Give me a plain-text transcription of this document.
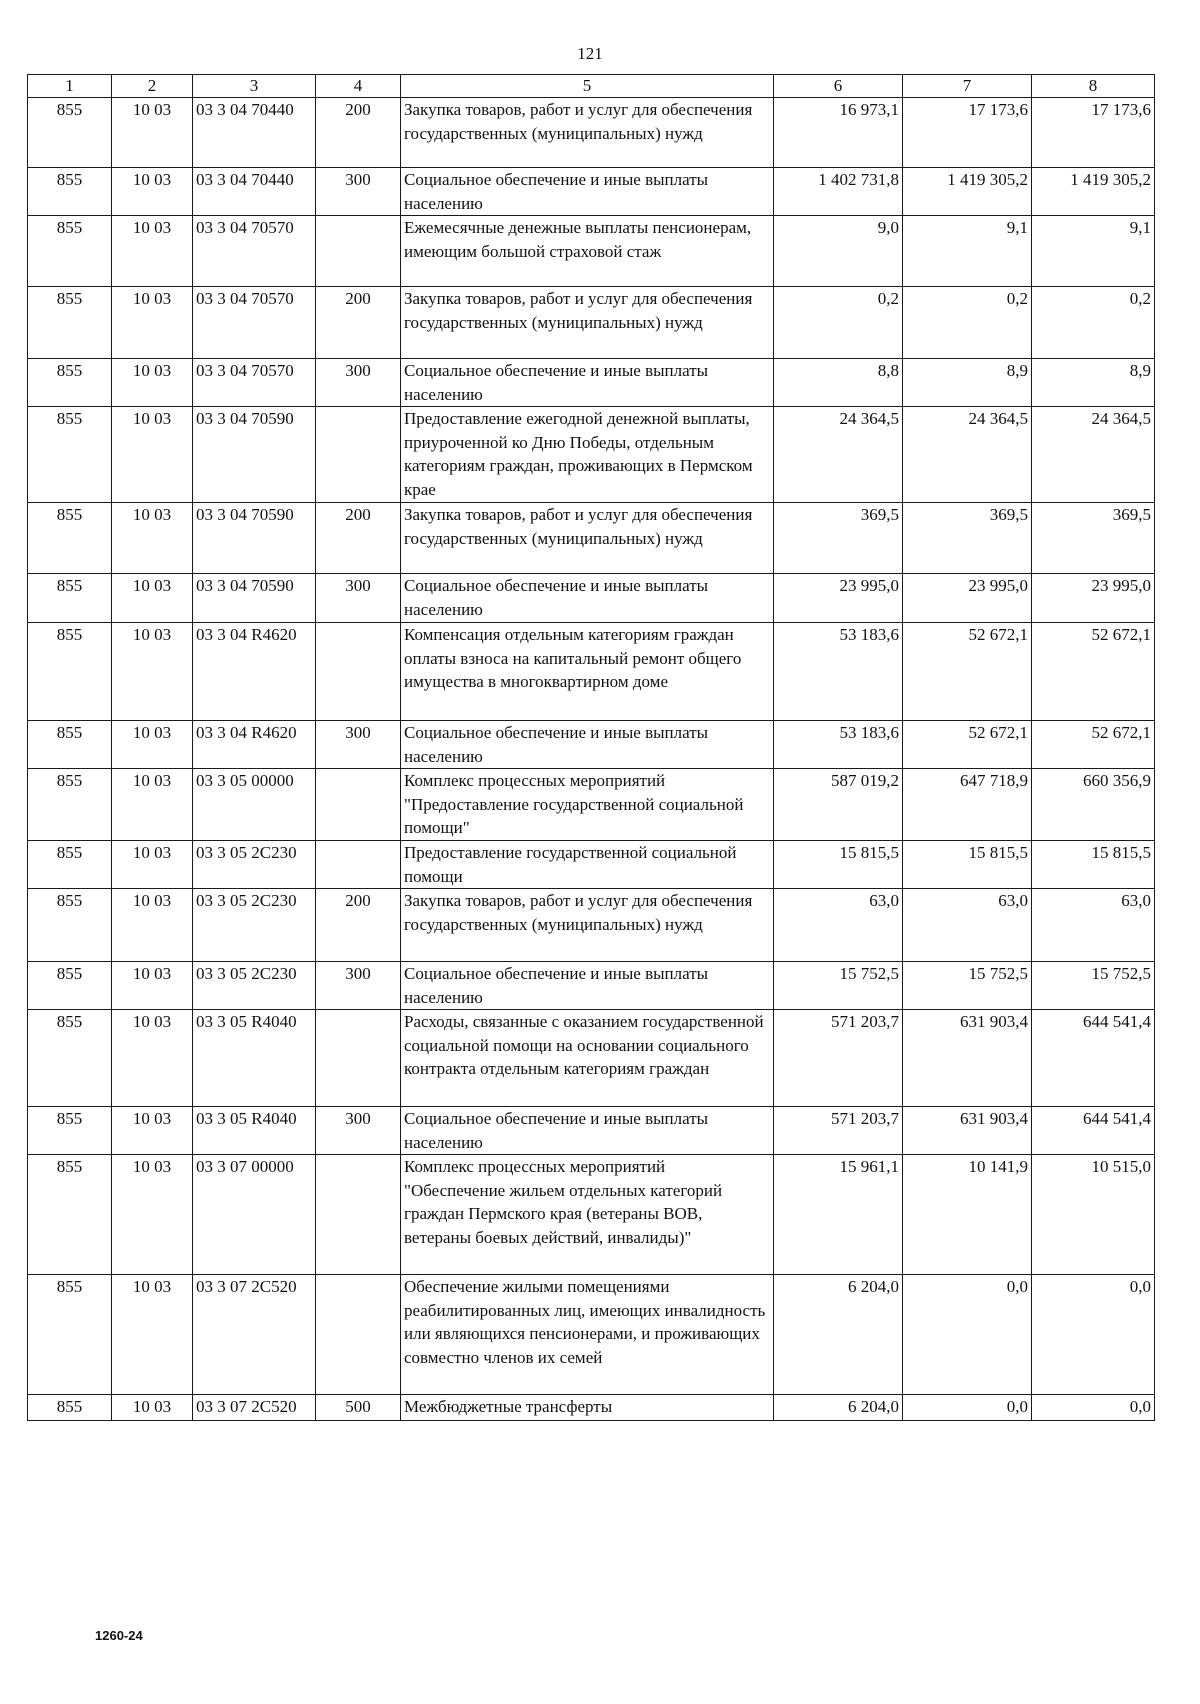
121
1	2	3	4	5	6	7	8
855	10 03	03 3 04 70440	200	Закупка товаров, работ и услуг для обеспечения государственных (муниципальных) нужд	16 973,1	17 173,6	17 173,6
855	10 03	03 3 04 70440	300	Социальное обеспечение и иные выплаты населению	1 402 731,8	1 419 305,2	1 419 305,2
855	10 03	03 3 04 70570		Ежемесячные денежные выплаты пенсионерам, имеющим большой страховой стаж	9,0	9,1	9,1
855	10 03	03 3 04 70570	200	Закупка товаров, работ и услуг для обеспечения государственных (муниципальных) нужд	0,2	0,2	0,2
855	10 03	03 3 04 70570	300	Социальное обеспечение и иные выплаты населению	8,8	8,9	8,9
855	10 03	03 3 04 70590		Предоставление ежегодной денежной выплаты, приуроченной ко Дню Победы, отдельным категориям граждан, проживающих в Пермском крае	24 364,5	24 364,5	24 364,5
855	10 03	03 3 04 70590	200	Закупка товаров, работ и услуг для обеспечения государственных (муниципальных) нужд	369,5	369,5	369,5
855	10 03	03 3 04 70590	300	Социальное обеспечение и иные выплаты населению	23 995,0	23 995,0	23 995,0
855	10 03	03 3 04 R4620		Компенсация отдельным категориям граждан оплаты взноса на капитальный ремонт общего имущества в многоквартирном доме	53 183,6	52 672,1	52 672,1
855	10 03	03 3 04 R4620	300	Социальное обеспечение и иные выплаты населению	53 183,6	52 672,1	52 672,1
855	10 03	03 3 05 00000		Комплекс процессных мероприятий "Предоставление государственной социальной помощи"	587 019,2	647 718,9	660 356,9
855	10 03	03 3 05 2С230		Предоставление государственной социальной помощи	15 815,5	15 815,5	15 815,5
855	10 03	03 3 05 2С230	200	Закупка товаров, работ и услуг для обеспечения государственных (муниципальных) нужд	63,0	63,0	63,0
855	10 03	03 3 05 2С230	300	Социальное обеспечение и иные выплаты населению	15 752,5	15 752,5	15 752,5
855	10 03	03 3 05 R4040		Расходы, связанные с оказанием государственной социальной помощи на основании социального контракта отдельным категориям граждан	571 203,7	631 903,4	644 541,4
855	10 03	03 3 05 R4040	300	Социальное обеспечение и иные выплаты населению	571 203,7	631 903,4	644 541,4
855	10 03	03 3 07 00000		Комплекс процессных мероприятий "Обеспечение жильем отдельных категорий граждан Пермского края (ветераны ВОВ, ветераны боевых действий, инвалиды)"	15 961,1	10 141,9	10 515,0
855	10 03	03 3 07 2С520		Обеспечение жилыми помещениями реабилитированных лиц, имеющих инвалидность или являющихся пенсионерами, и проживающих совместно членов их семей	6 204,0	0,0	0,0
855	10 03	03 3 07 2С520	500	Межбюджетные трансферты	6 204,0	0,0	0,0
1260-24
